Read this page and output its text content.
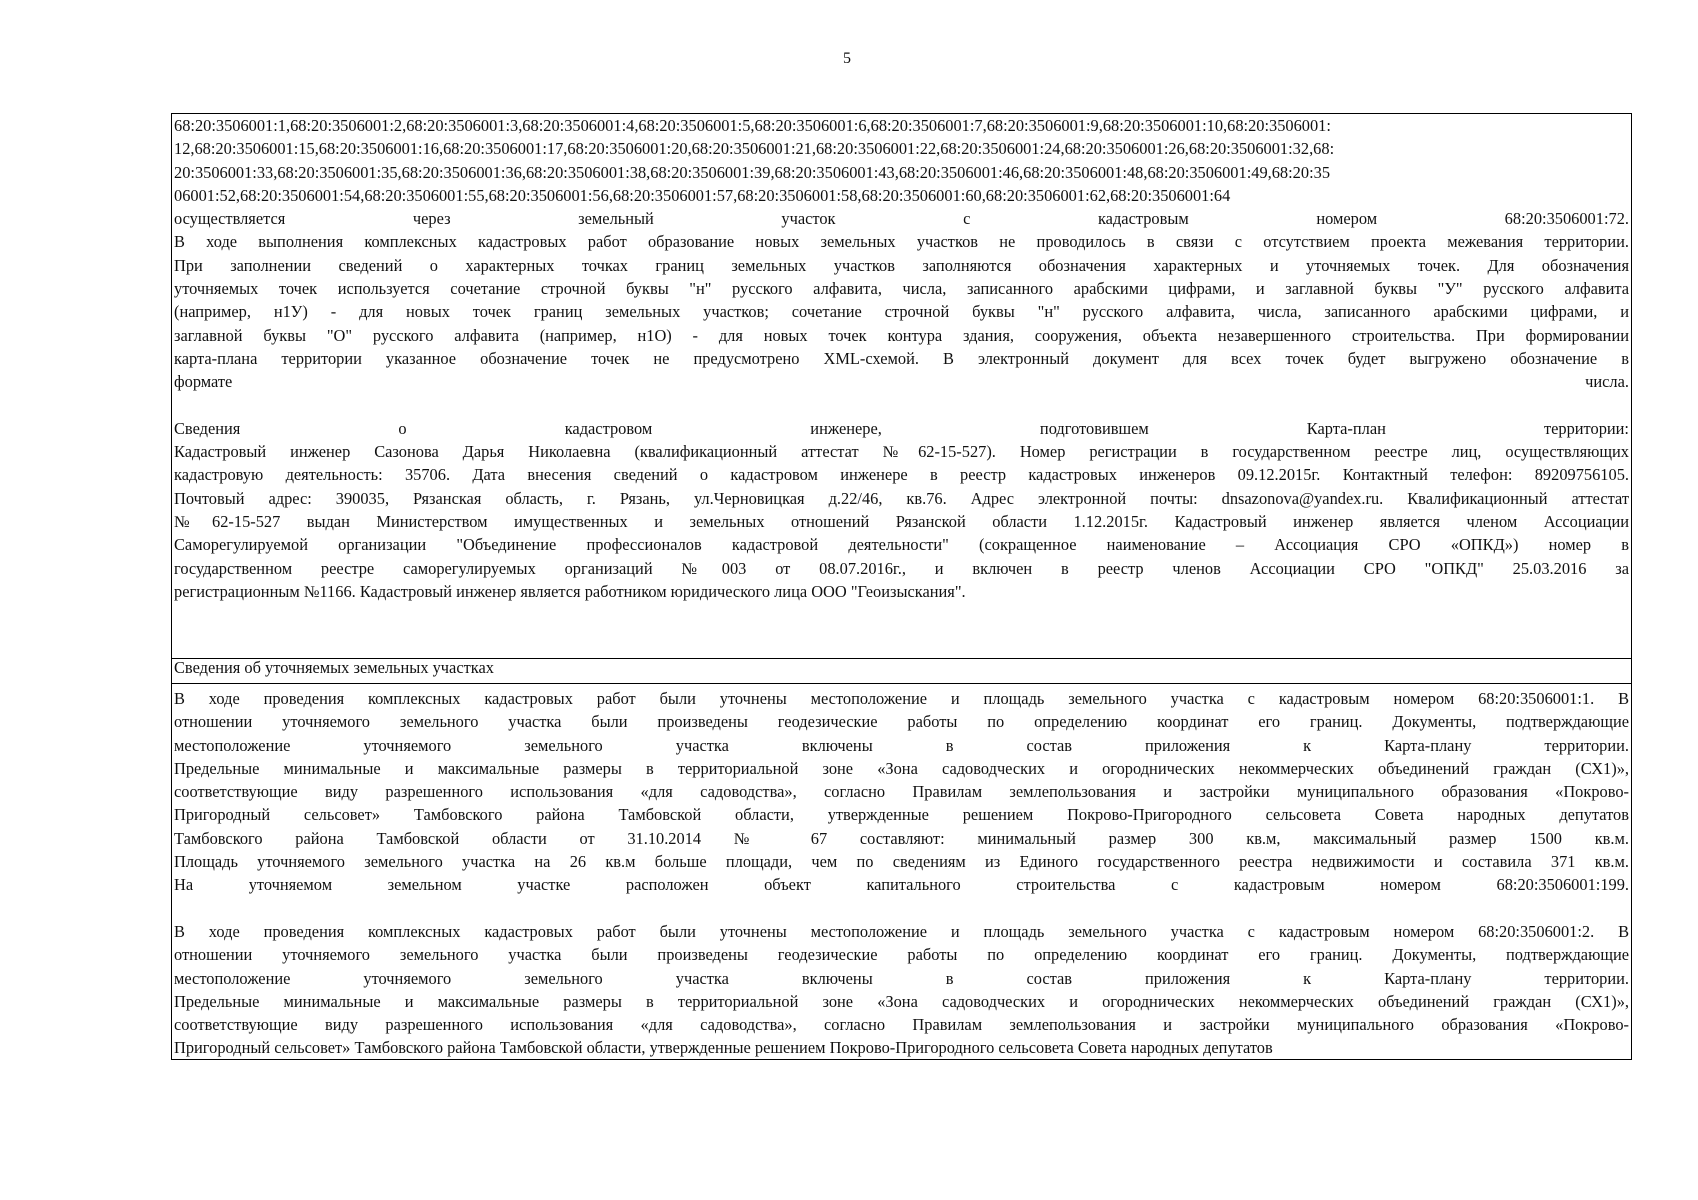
5
68:20:3506001:1,68:20:3506001:2,68:20:3506001:3,68:20:3506001:4,68:20:3506001:5,68:20:3506001:6,68:20:3506001:7,68:20:3506001:9,68:20:3506001:10,68:20:3506001:
12,68:20:3506001:15,68:20:3506001:16,68:20:3506001:17,68:20:3506001:20,68:20:3506001:21,68:20:3506001:22,68:20:3506001:24,68:20:3506001:26,68:20:3506001:32,68:
20:3506001:33,68:20:3506001:35,68:20:3506001:36,68:20:3506001:38,68:20:3506001:39,68:20:3506001:43,68:20:3506001:46,68:20:3506001:48,68:20:3506001:49,68:20:35
06001:52,68:20:3506001:54,68:20:3506001:55,68:20:3506001:56,68:20:3506001:57,68:20:3506001:58,68:20:3506001:60,68:20:3506001:62,68:20:3506001:64
осуществляется через земельный участок с кадастровым номером 68:20:3506001:72.
В ходе выполнения комплексных кадастровых работ образование новых земельных участков не проводилось в связи с отсутствием проекта межевания территории.
При заполнении сведений о характерных точках границ земельных участков заполняются обозначения характерных и уточняемых точек. Для обозначения
уточняемых точек используется сочетание строчной буквы "н" русского алфавита, числа, записанного арабскими цифрами, и заглавной буквы "У" русского алфавита
(например, н1У) - для новых точек границ земельных участков; сочетание строчной буквы "н" русского алфавита, числа, записанного арабскими цифрами, и
заглавной буквы "О" русского алфавита (например, н1О) - для новых точек контура здания, сооружения, объекта незавершенного строительства. При формировании
карта-плана территории указанное обозначение точек не предусмотрено XML-схемой. В электронный документ для всех точек будет выгружено обозначение в
формате числа.

Сведения о кадастровом инженере, подготовившем Карта-план территории:
Кадастровый инженер Сазонова Дарья Николаевна (квалификационный аттестат №62-15-527). Номер регистрации в государственном реестре лиц, осуществляющих
кадастровую деятельность: 35706. Дата внесения сведений о кадастровом инженере в реестр кадастровых инженеров 09.12.2015г. Контактный телефон: 89209756105.
Почтовый адрес: 390035, Рязанская область, г. Рязань, ул.Черновицкая д.22/46, кв.76. Адрес электронной почты: dnsazonova@yandex.ru. Квалификационный аттестат
№62-15-527 выдан Министерством имущественных и земельных отношений Рязанской области 1.12.2015г. Кадастровый инженер является членом Ассоциации
Саморегулируемой организации "Объединение профессионалов кадастровой деятельности" (сокращенное наименование – Ассоциация СРО «ОПКД») номер в
государственном реестре саморегулируемых организаций №003 от 08.07.2016г., и включен в реестр членов Ассоциации СРО "ОПКД" 25.03.2016 за
регистрационным №1166. Кадастровый инженер является работником юридического лица ООО "Геоизыскания".
Сведения об уточняемых земельных участках
В ходе проведения комплексных кадастровых работ были уточнены местоположение и площадь земельного участка с кадастровым номером 68:20:3506001:1. В
отношении уточняемого земельного участка были произведены геодезические работы по определению координат его границ. Документы, подтверждающие
местоположение уточняемого земельного участка включены в состав приложения к Карта-плану территории.
Предельные минимальные и максимальные размеры в территориальной зоне «Зона садоводческих и огороднических некоммерческих объединений граждан (СХ1)»,
соответствующие виду разрешенного использования «для садоводства», согласно Правилам землепользования и застройки муниципального образования «Покрово-
Пригородный сельсовет» Тамбовского района Тамбовской области, утвержденные решением Покрово-Пригородного сельсовета Совета народных депутатов
Тамбовского района Тамбовской области от 31.10.2014 № 67 составляют: минимальный размер 300 кв.м, максимальный размер 1500 кв.м.
Площадь уточняемого земельного участка на 26 кв.м больше площади, чем по сведениям из Единого государственного реестра недвижимости и составила 371 кв.м.
На уточняемом земельном участке расположен объект капитального строительства с кадастровым номером 68:20:3506001:199.

В ходе проведения комплексных кадастровых работ были уточнены местоположение и площадь земельного участка с кадастровым номером 68:20:3506001:2. В
отношении уточняемого земельного участка были произведены геодезические работы по определению координат его границ. Документы, подтверждающие
местоположение уточняемого земельного участка включены в состав приложения к Карта-плану территории.
Предельные минимальные и максимальные размеры в территориальной зоне «Зона садоводческих и огороднических некоммерческих объединений граждан (СХ1)»,
соответствующие виду разрешенного использования «для садоводства», согласно Правилам землепользования и застройки муниципального образования «Покрово-
Пригородный сельсовет» Тамбовского района Тамбовской области, утвержденные решением Покрово-Пригородного сельсовета Совета народных депутатов
